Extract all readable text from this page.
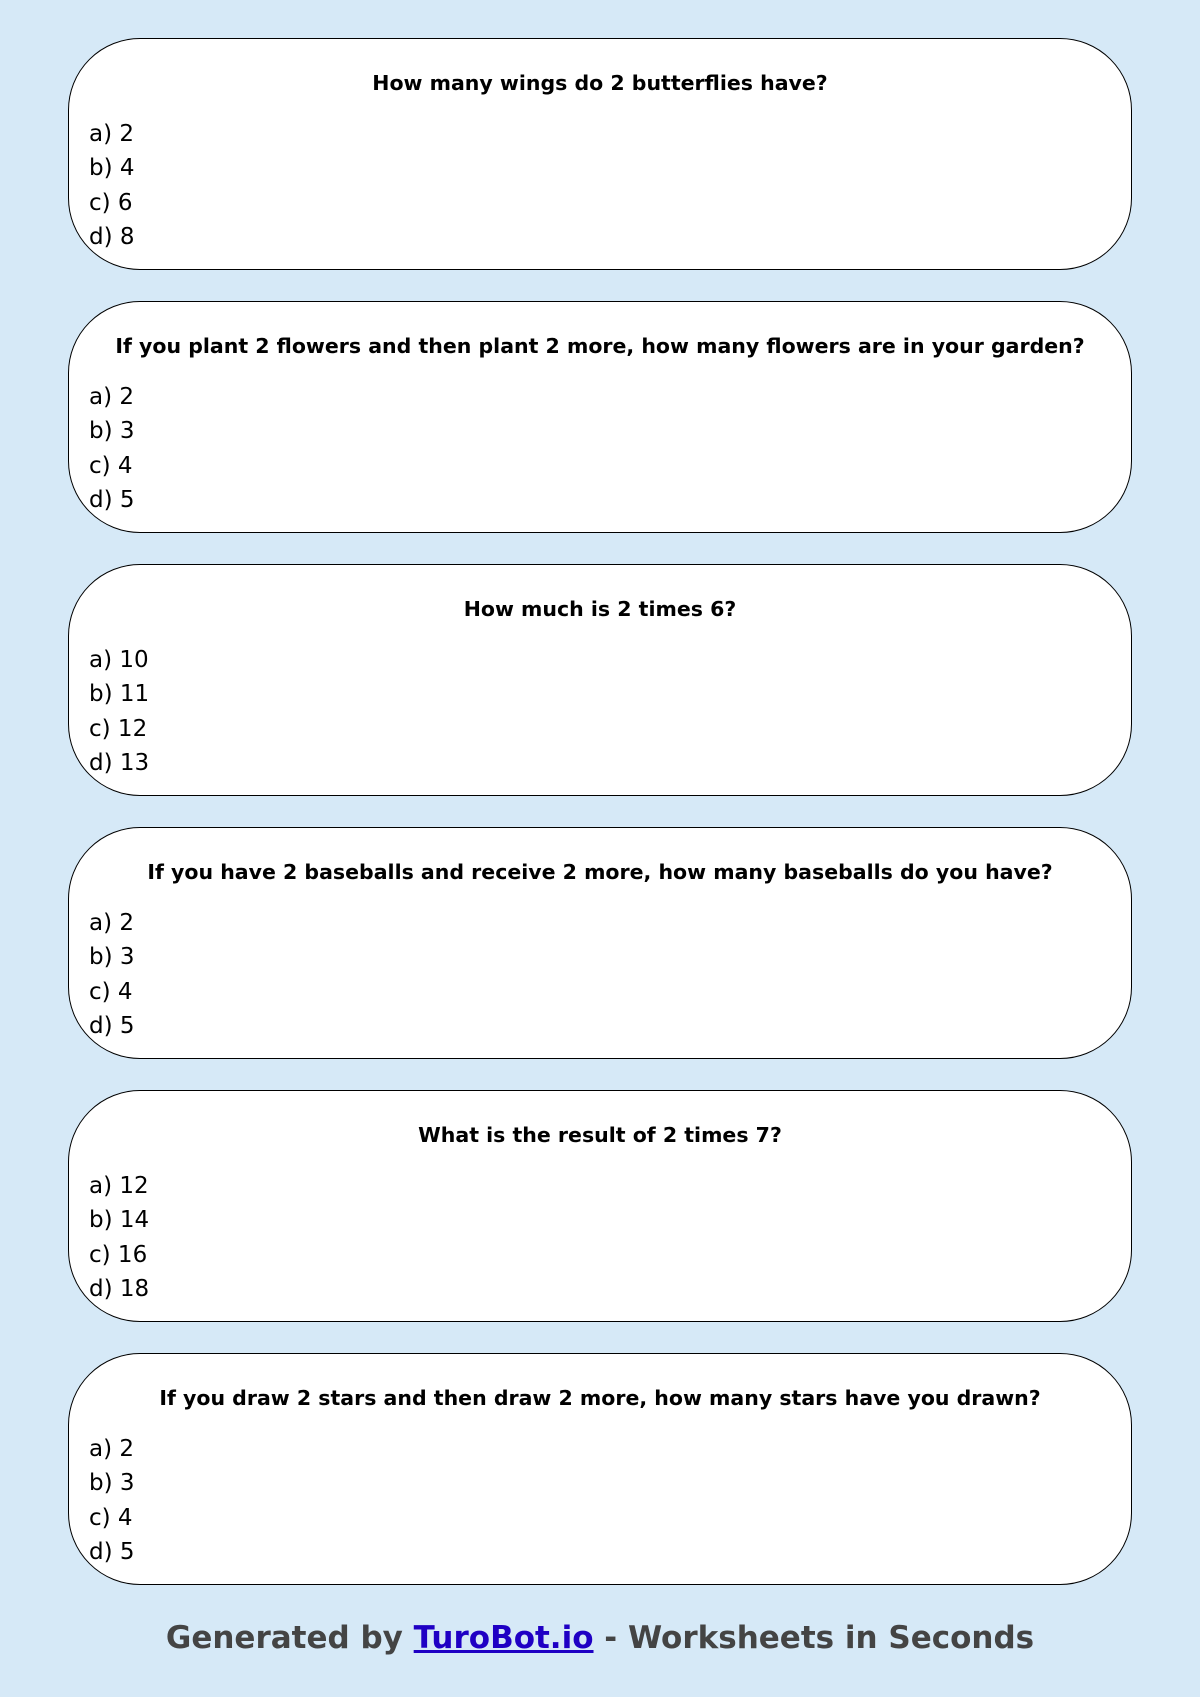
How many wings do 2 butterflies have?
a) 2
b) 4
c) 6
d) 8
If you plant 2 flowers and then plant 2 more, how many flowers are in your garden?
a) 2
b) 3
c) 4
d) 5
How much is 2 times 6?
a) 10
b) 11
c) 12
d) 13
If you have 2 baseballs and receive 2 more, how many baseballs do you have?
a) 2
b) 3
c) 4
d) 5
What is the result of 2 times 7?
a) 12
b) 14
c) 16
d) 18
If you draw 2 stars and then draw 2 more, how many stars have you drawn?
a) 2
b) 3
c) 4
d) 5
Generated by TuroBot.io - Worksheets in Seconds
